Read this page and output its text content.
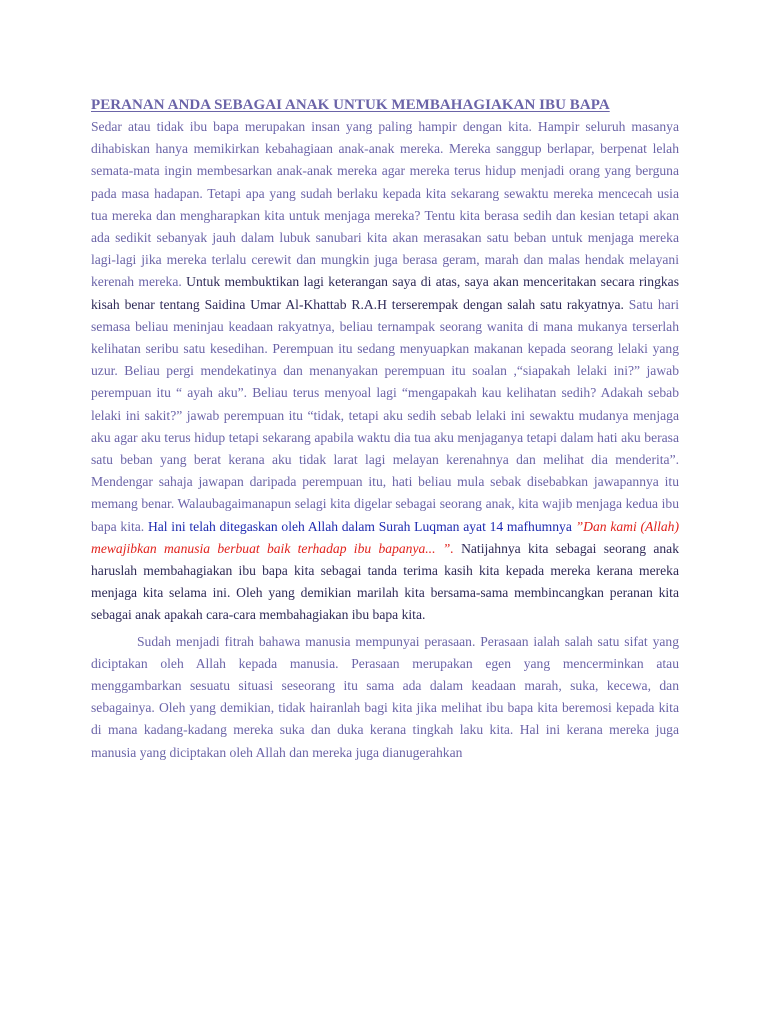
PERANAN ANDA SEBAGAI ANAK UNTUK MEMBAHAGIAKAN IBU BAPA

Sedar atau tidak ibu bapa merupakan insan yang paling hampir dengan kita. Hampir seluruh masanya dihabiskan hanya memikirkan kebahagiaan anak-anak mereka. Mereka sanggup berlapar, berpenat lelah semata-mata ingin membesarkan anak-anak mereka agar mereka terus hidup menjadi orang yang berguna pada masa hadapan. Tetapi apa yang sudah berlaku kepada kita sekarang sewaktu mereka mencecah usia tua mereka dan mengharapkan kita untuk menjaga mereka? Tentu kita berasa sedih dan kesian tetapi akan ada sedikit sebanyak jauh dalam lubuk sanubari kita akan merasakan satu beban untuk menjaga mereka lagi-lagi jika mereka terlalu cerewit dan mungkin juga berasa geram, marah dan malas hendak melayani kerenah mereka. Untuk membuktikan lagi keterangan saya di atas, saya akan menceritakan secara ringkas kisah benar tentang Saidina Umar Al-Khattab R.A.H terserempak dengan salah satu rakyatnya. Satu hari semasa beliau meninjau keadaan rakyatnya, beliau ternampak seorang wanita di mana mukanya terserlah kelihatan seribu satu kesedihan. Perempuan itu sedang menyuapkan makanan kepada seorang lelaki yang uzur. Beliau pergi mendekatinya dan menanyakan perempuan itu soalan ,“siapakah lelaki ini?” jawab perempuan itu “ ayah aku”. Beliau terus menyoal lagi “mengapakah kau kelihatan sedih? Adakah sebab lelaki ini sakit?” jawab perempuan itu “tidak, tetapi aku sedih sebab lelaki ini sewaktu mudanya menjaga aku agar aku terus hidup tetapi sekarang apabila waktu dia tua aku menjaganya tetapi dalam hati aku berasa satu beban yang berat kerana aku tidak larat lagi melayan kerenahnya dan melihat dia menderita”. Mendengar sahaja jawapan daripada perempuan itu, hati beliau mula sebak disebabkan jawapannya itu memang benar. Walaubagaimanapun selagi kita digelar sebagai seorang anak, kita wajib menjaga kedua ibu bapa kita. Hal ini telah ditegaskan oleh Allah dalam Surah Luqman ayat 14 mafhumnya ”Dan kami (Allah) mewajibkan manusia berbuat baik terhadap ibu bapanya... ”. Natijahnya kita sebagai seorang anak haruslah membahagiakan ibu bapa kita sebagai tanda terima kasih kita kepada mereka kerana mereka menjaga kita selama ini. Oleh yang demikian marilah kita bersama-sama membincangkan peranan kita sebagai anak apakah cara-cara membahagiakan ibu bapa kita.

Sudah menjadi fitrah bahawa manusia mempunyai perasaan. Perasaan ialah salah satu sifat yang diciptakan oleh Allah kepada manusia. Perasaan merupakan egen yang mencerminkan atau menggambarkan sesuatu situasi seseorang itu sama ada dalam keadaan marah, suka, kecewa, dan sebagainya. Oleh yang demikian, tidak hairanlah bagi kita jika melihat ibu bapa kita beremosi kepada kita di mana kadang-kadang mereka suka dan duka kerana tingkah laku kita. Hal ini kerana mereka juga manusia yang diciptakan oleh Allah dan mereka juga dianugerahkan
